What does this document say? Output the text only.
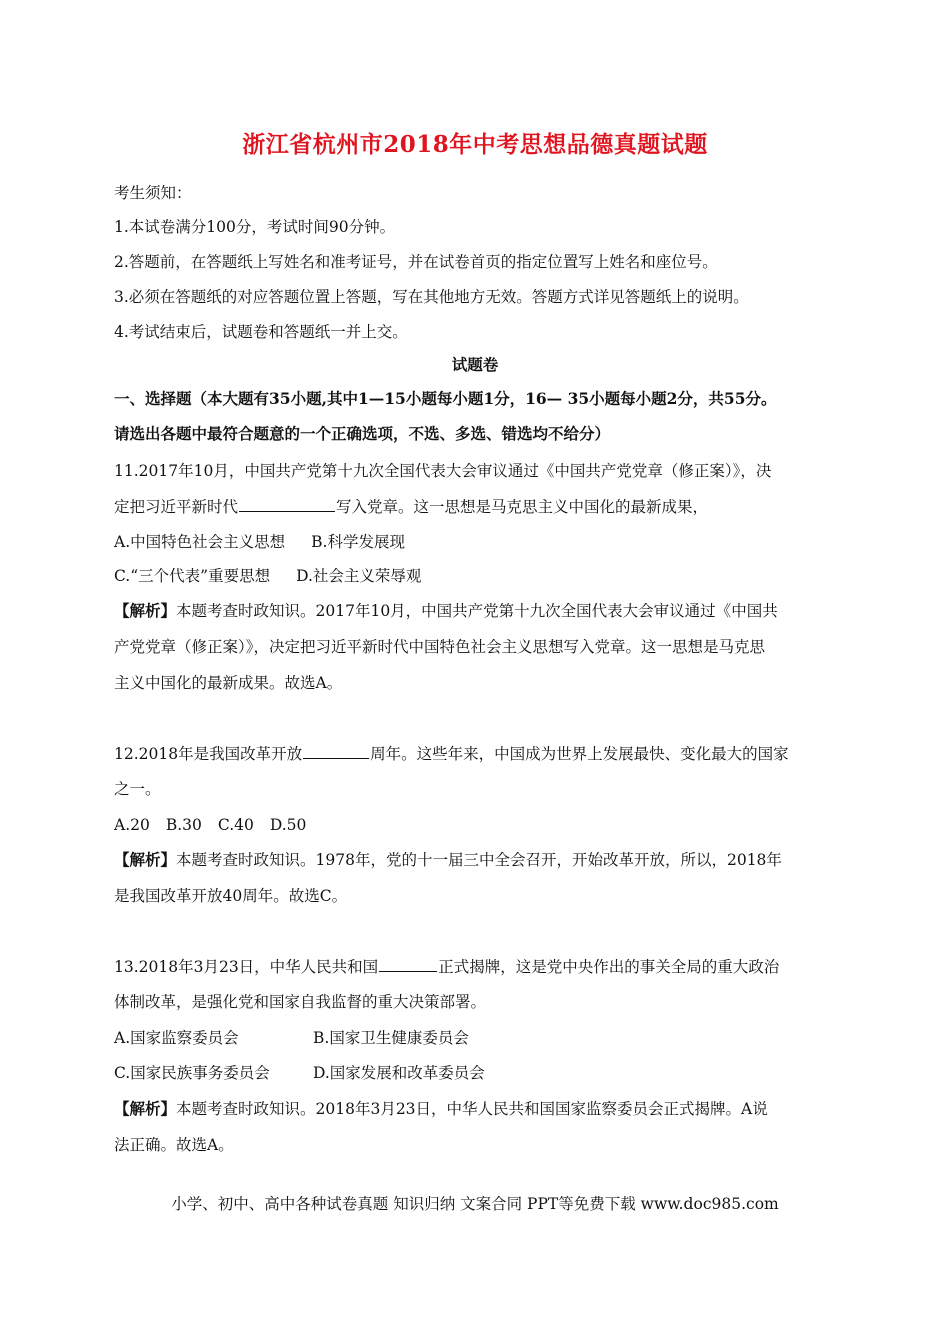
浙江省杭州市2018年中考思想品德真题试题
考生须知：
1.本试卷满分100分，考试时间90分钟。
2.答题前，在答题纸上写姓名和准考证号，并在试卷首页的指定位置写上姓名和座位号。
3.必须在答题纸的对应答题位置上答题，写在其他地方无效。答题方式详见答题纸上的说明。
4.考试结束后，试题卷和答题纸一并上交。
试题卷
一、选择题（本大题有35小题,其中1—15小题每小题1分，16— 35小题每小题2分，共55分。
请选出各题中最符合题意的一个正确选项，不选、多选、错选均不给分）
11.2017年10月，中国共产党第十九次全国代表大会审议通过《中国共产党党章（修正案）》，决
定把习近平新时代	写入党章。这一思想是马克思主义中国化的最新成果，
A.中国特色社会主义思想 B.科学发展现
C.“三个代表”重要思想 D.社会主义荣辱观
【解析】本题考查时政知识。2017年10月，中国共产党第十九次全国代表大会审议通过《中国共
产党党章（修正案）》，决定把习近平新时代中国特色社会主义思想写入党章。这一思想是马克思
主义中国化的最新成果。故选A。
12.2018年是我国改革开放	周年。这些年来，中国成为世界上发展最快、变化最大的国家
之一。
A.20 B.30 C.40 D.50
【解析】本题考查时政知识。1978年，党的十一届三中全会召开，开始改革开放，所以，2018年
是我国改革开放40周年。故选C。
13.2018年3月23日，中华人民共和国	正式揭牌，这是党中央作出的事关全局的重大政治
体制改革，是强化党和国家自我监督的重大决策部署。
A.国家监察委员会	B.国家卫生健康委员会
C.国家民族事务委员会	D.国家发展和改革委员会
【解析】本题考查时政知识。2018年3月23日，中华人民共和国国家监察委员会正式揭牌。A说
法正确。故选A。
小学、初中、高中各种试卷真题 知识归纳 文案合同 PPT等免费下载 www.doc985.com
